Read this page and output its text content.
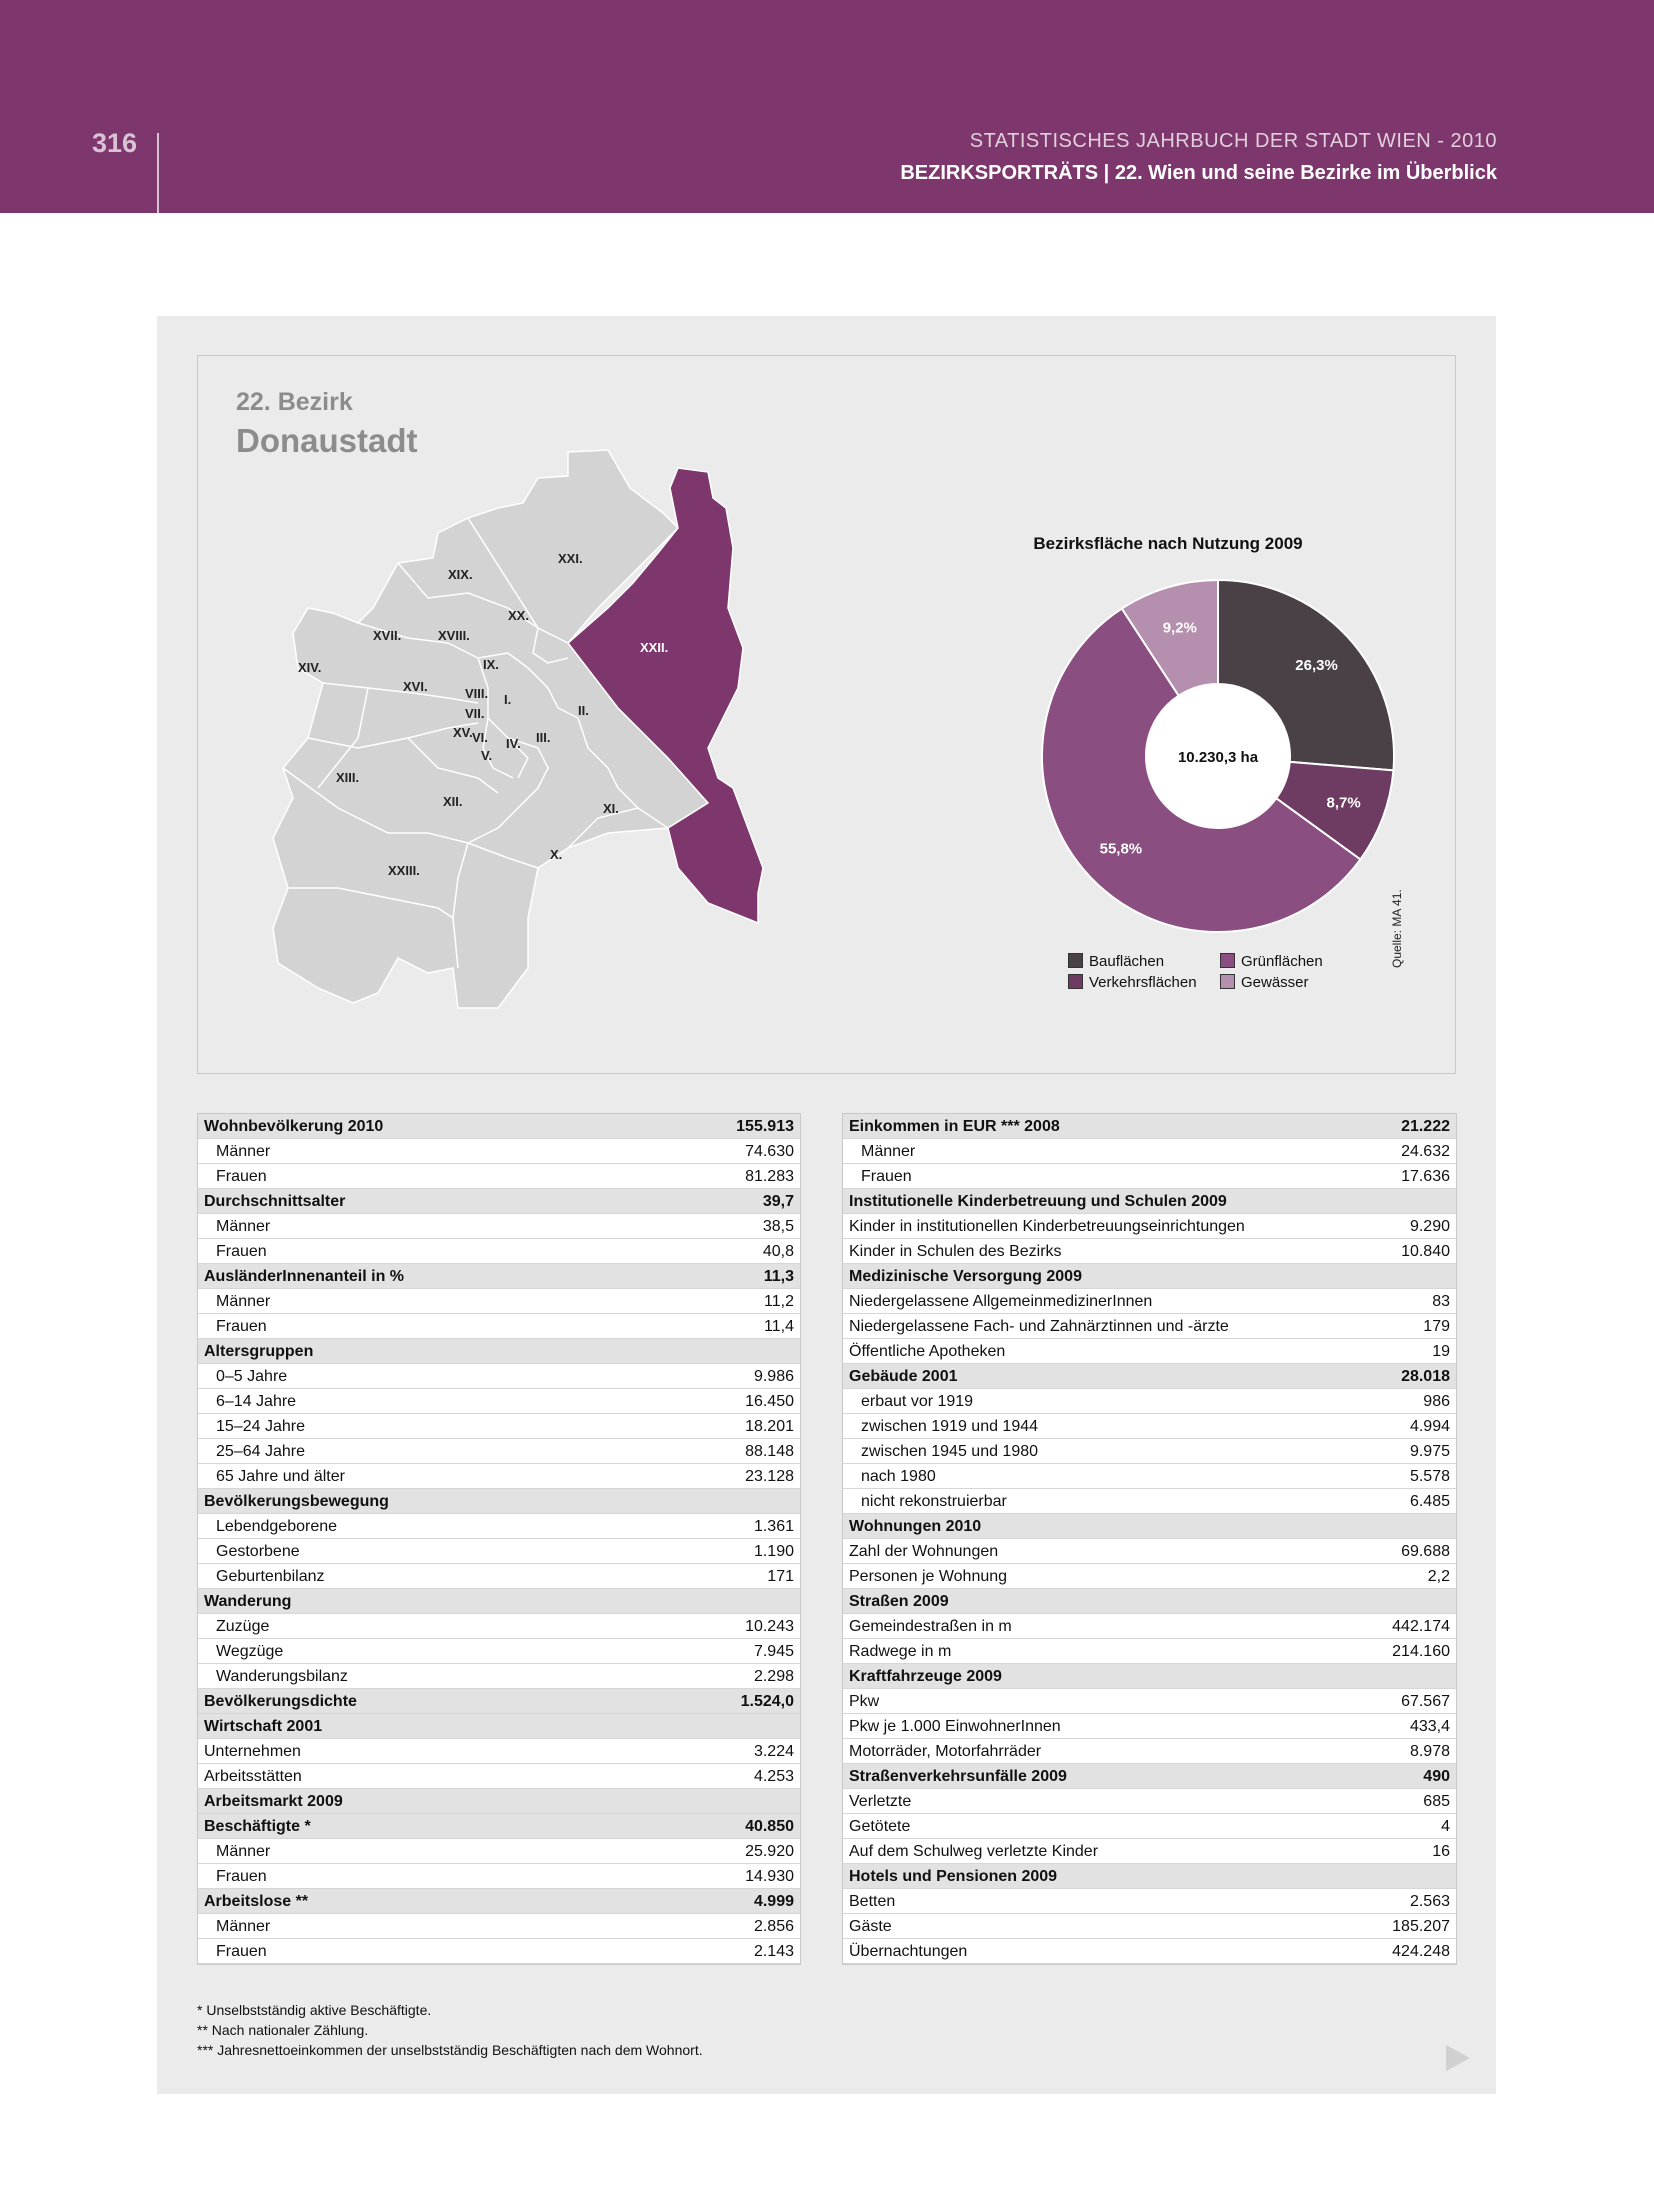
316	STATISTISCHES JAHRBUCH DER STADT WIEN - 2010
BEZIRKSPORTRÄTS | 22. Wien und seine Bezirke im Überblick
22. Bezirk
Donaustadt
XXI.
XIX.
XX.
XVII.	XVIII.
XXII.
XIV.	IX.
XVI.	VIII. I.
VII.	II.
XV. VI. IV. III.
V.
XIII.
XII.	XI.
X.
XXIII.
Bezirksfläche nach Nutzung 2009
26,3%
8,7%
55,8%
9,2%
10.230,3 ha
Bauflächen	Grünflächen
Verkehrsflächen	Gewässer
Quelle: MA 41.
Wohnbevölkerung 2010	155.913
Männer	74.630
Frauen	81.283
Durchschnittsalter	39,7
Männer	38,5
Frauen	40,8
AusländerInnenanteil in %	11,3
Männer	11,2
Frauen	11,4
Altersgruppen
0–5 Jahre	9.986
6–14 Jahre	16.450
15–24 Jahre	18.201
25–64 Jahre	88.148
65 Jahre und älter	23.128
Bevölkerungsbewegung
Lebendgeborene	1.361
Gestorbene	1.190
Geburtenbilanz	171
Wanderung
Zuzüge	10.243
Wegzüge	7.945
Wanderungsbilanz	2.298
Bevölkerungsdichte	1.524,0
Wirtschaft 2001
Unternehmen	3.224
Arbeitsstätten	4.253
Arbeitsmarkt 2009
Beschäftigte *	40.850
Männer	25.920
Frauen	14.930
Arbeitslose **	4.999
Männer	2.856
Frauen	2.143
Einkommen in EUR *** 2008	21.222
Männer	24.632
Frauen	17.636
Institutionelle Kinderbetreuung und Schulen 2009
Kinder in institutionellen Kinderbetreuungseinrichtungen	9.290
Kinder in Schulen des Bezirks	10.840
Medizinische Versorgung 2009
Niedergelassene AllgemeinmedizinerInnen	83
Niedergelassene Fach- und Zahnärztinnen und -ärzte	179
Öffentliche Apotheken	19
Gebäude 2001	28.018
erbaut vor 1919	986
zwischen 1919 und 1944	4.994
zwischen 1945 und 1980	9.975
nach 1980	5.578
nicht rekonstruierbar	6.485
Wohnungen 2010
Zahl der Wohnungen	69.688
Personen je Wohnung	2,2
Straßen 2009
Gemeindestraßen in m	442.174
Radwege in m	214.160
Kraftfahrzeuge 2009
Pkw	67.567
Pkw je 1.000 EinwohnerInnen	433,4
Motorräder, Motorfahrräder	8.978
Straßenverkehrsunfälle 2009	490
Verletzte	685
Getötete	4
Auf dem Schulweg verletzte Kinder	16
Hotels und Pensionen 2009
Betten	2.563
Gäste	185.207
Übernachtungen	424.248
* Unselbstständig aktive Beschäftigte.
** Nach nationaler Zählung.
*** Jahresnettoeinkommen der unselbstständig Beschäftigten nach dem Wohnort.
